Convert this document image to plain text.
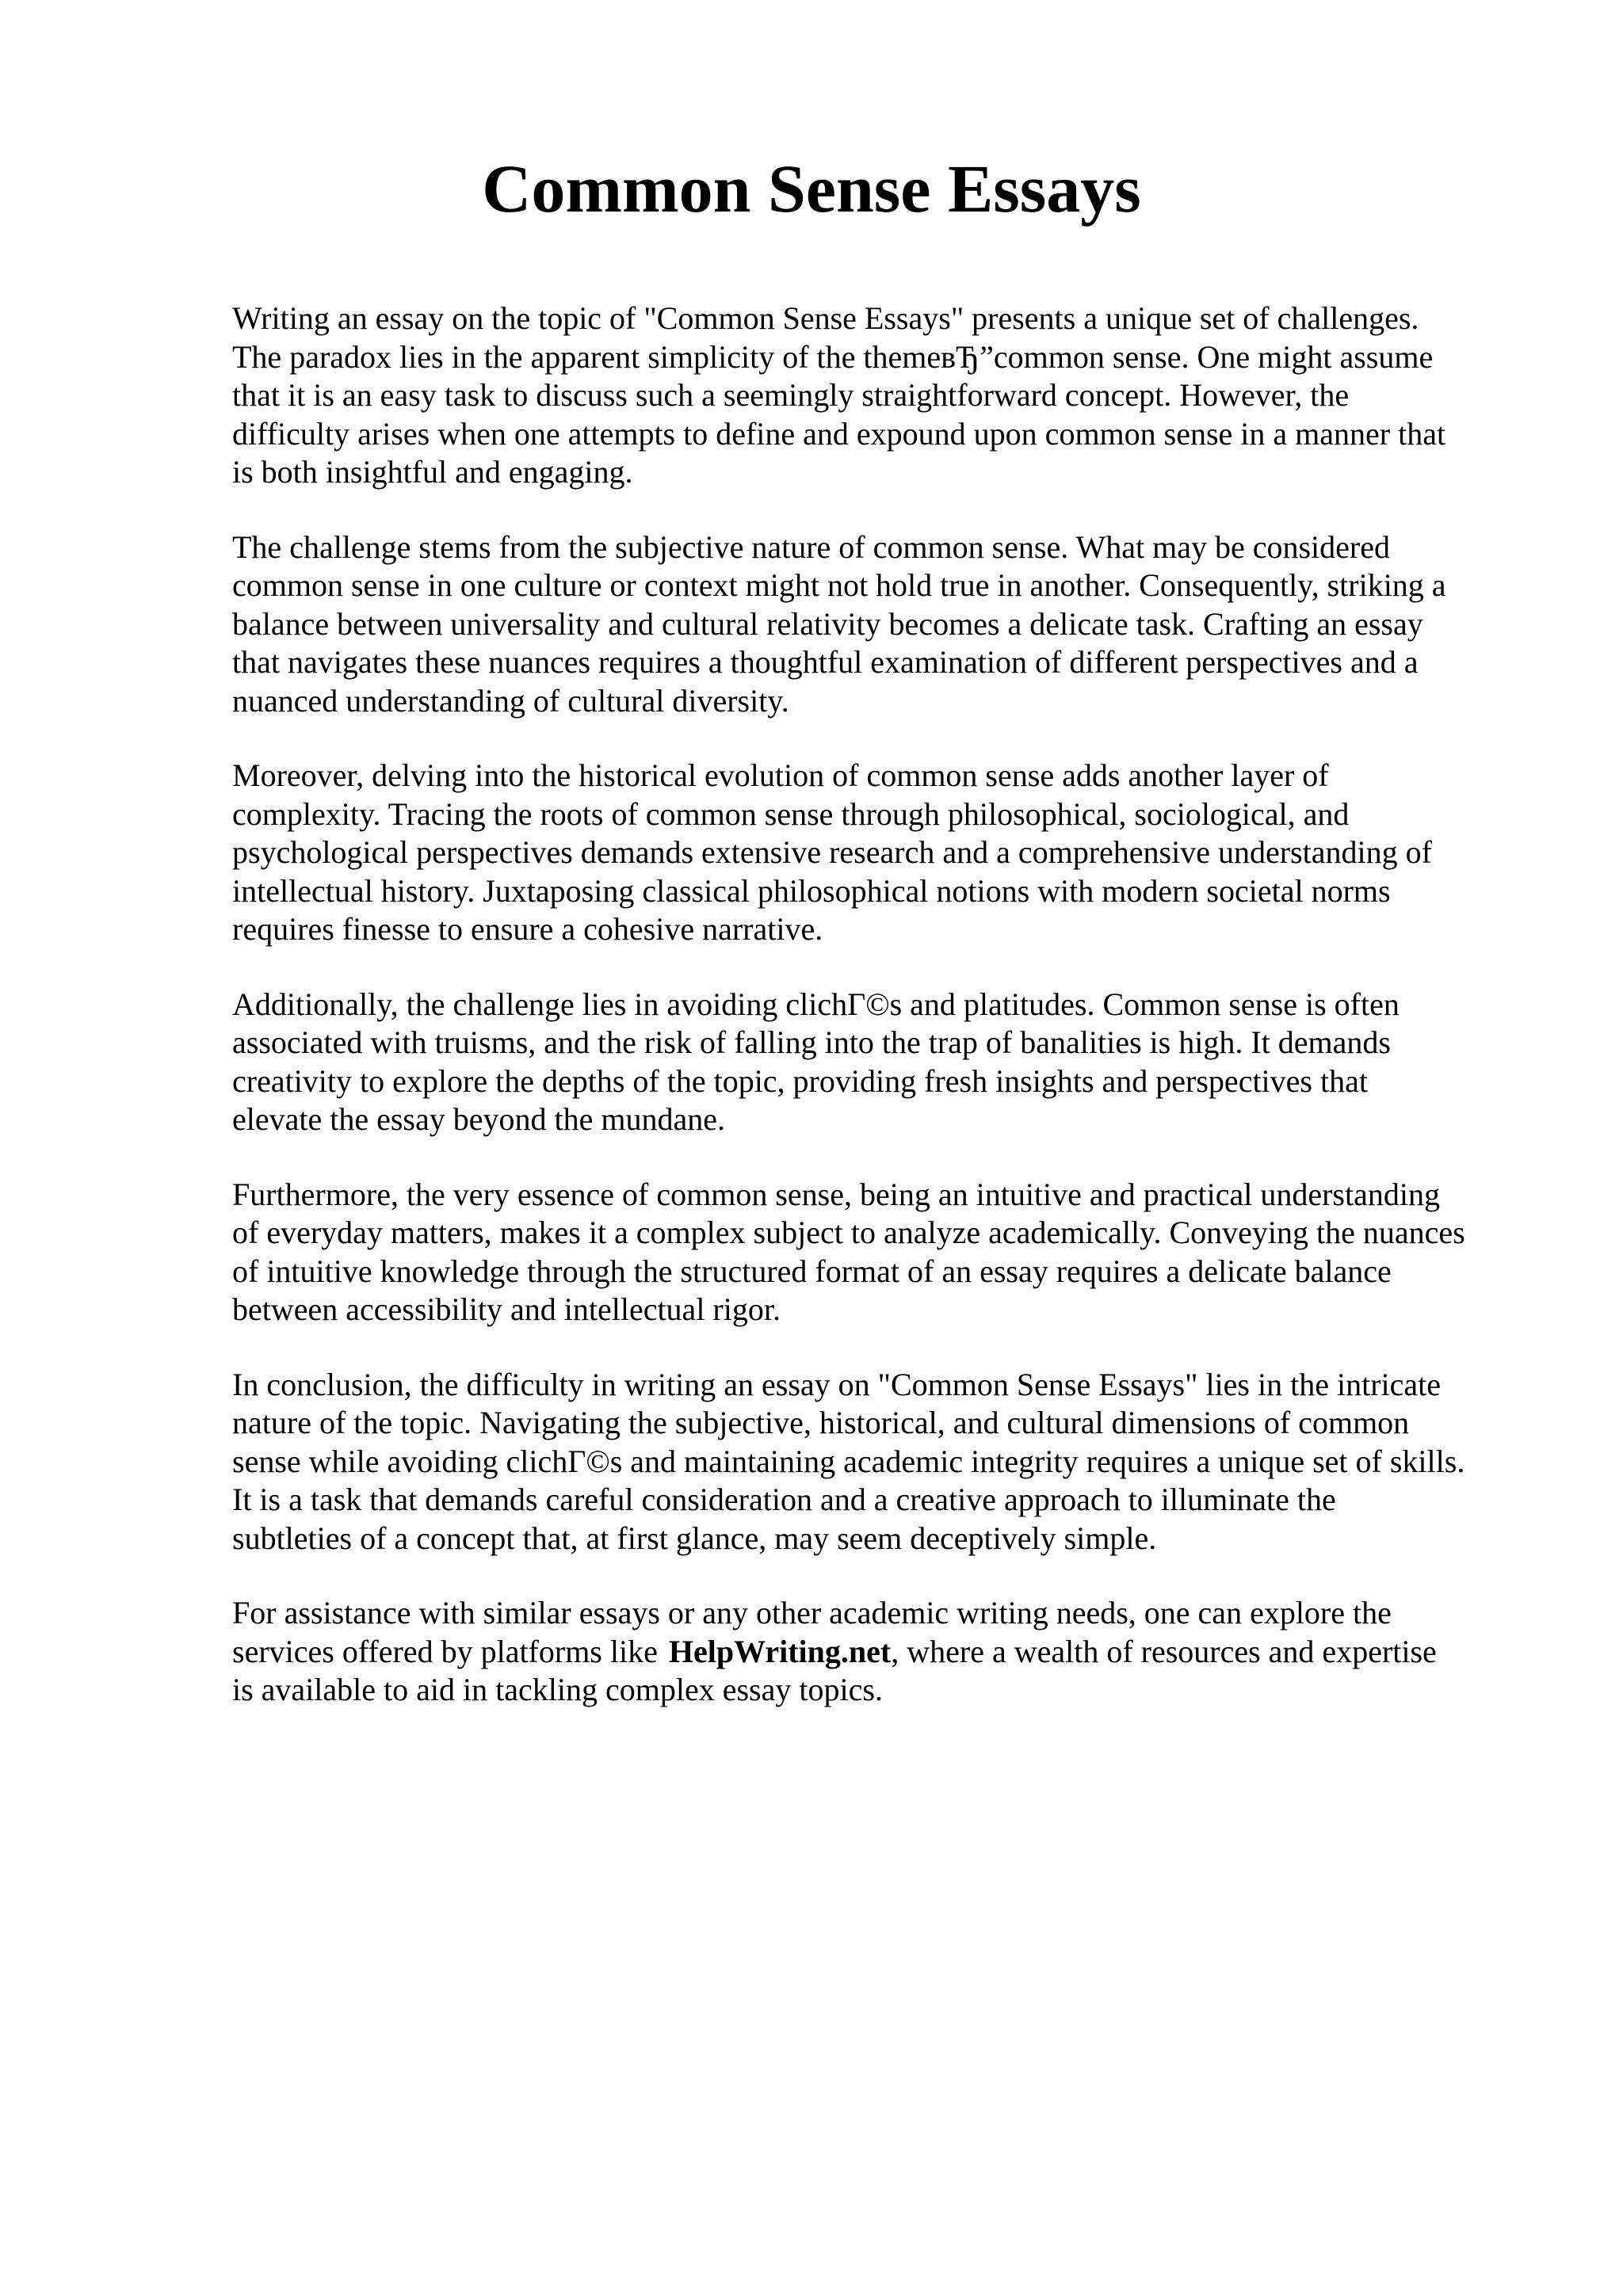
Common Sense Essays

Writing an essay on the topic of "Common Sense Essays" presents a unique set of challenges.
The paradox lies in the apparent simplicity of the themeвЂ”common sense. One might assume
that it is an easy task to discuss such a seemingly straightforward concept. However, the
difficulty arises when one attempts to define and expound upon common sense in a manner that
is both insightful and engaging.

The challenge stems from the subjective nature of common sense. What may be considered
common sense in one culture or context might not hold true in another. Consequently, striking a
balance between universality and cultural relativity becomes a delicate task. Crafting an essay
that navigates these nuances requires a thoughtful examination of different perspectives and a
nuanced understanding of cultural diversity.

Moreover, delving into the historical evolution of common sense adds another layer of
complexity. Tracing the roots of common sense through philosophical, sociological, and
psychological perspectives demands extensive research and a comprehensive understanding of
intellectual history. Juxtaposing classical philosophical notions with modern societal norms
requires finesse to ensure a cohesive narrative.

Additionally, the challenge lies in avoiding clichГ©s and platitudes. Common sense is often
associated with truisms, and the risk of falling into the trap of banalities is high. It demands
creativity to explore the depths of the topic, providing fresh insights and perspectives that
elevate the essay beyond the mundane.

Furthermore, the very essence of common sense, being an intuitive and practical understanding
of everyday matters, makes it a complex subject to analyze academically. Conveying the nuances
of intuitive knowledge through the structured format of an essay requires a delicate balance
between accessibility and intellectual rigor.

In conclusion, the difficulty in writing an essay on "Common Sense Essays" lies in the intricate
nature of the topic. Navigating the subjective, historical, and cultural dimensions of common
sense while avoiding clichГ©s and maintaining academic integrity requires a unique set of skills.
It is a task that demands careful consideration and a creative approach to illuminate the
subtleties of a concept that, at first glance, may seem deceptively simple.

For assistance with similar essays or any other academic writing needs, one can explore the
services offered by platforms like HelpWriting.net, where a wealth of resources and expertise
is available to aid in tackling complex essay topics.
